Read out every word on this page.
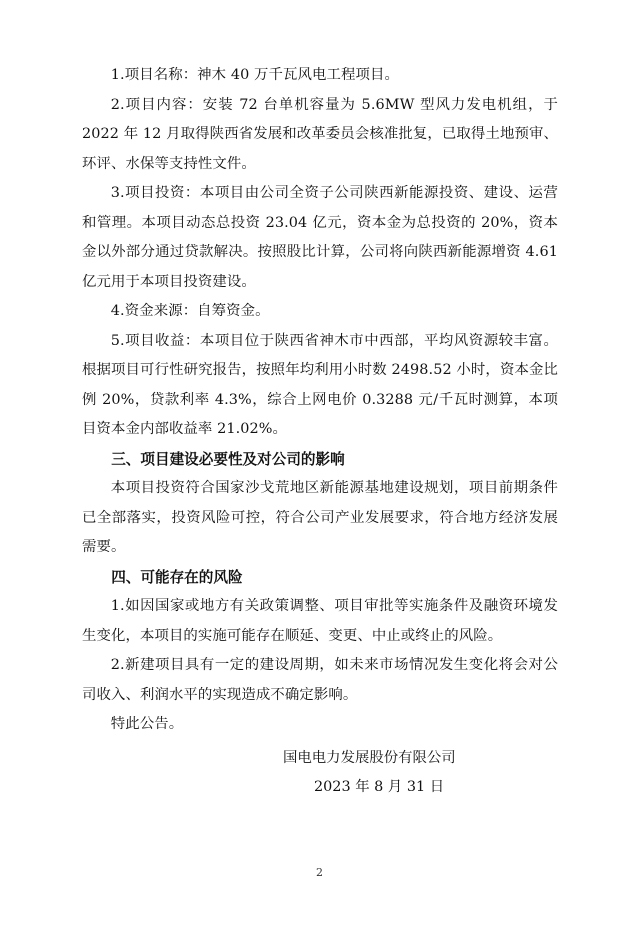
1.项目名称：神木 40 万千瓦风电工程项目。

2.项目内容：安装 72 台单机容量为 5.6MW 型风力发电机组，于 2022 年 12 月取得陕西省发展和改革委员会核准批复，已取得土地预审、环评、水保等支持性文件。

3.项目投资：本项目由公司全资子公司陕西新能源投资、建设、运营和管理。本项目动态总投资 23.04 亿元，资本金为总投资的 20%，资本金以外部分通过贷款解决。按照股比计算，公司将向陕西新能源增资 4.61 亿元用于本项目投资建设。

4.资金来源：自筹资金。

5.项目收益：本项目位于陕西省神木市中西部，平均风资源较丰富。根据项目可行性研究报告，按照年均利用小时数 2498.52 小时，资本金比例 20%，贷款利率 4.3%，综合上网电价 0.3288 元/千瓦时测算，本项目资本金内部收益率 21.02%。

三、项目建设必要性及对公司的影响

本项目投资符合国家沙戈荒地区新能源基地建设规划，项目前期条件已全部落实，投资风险可控，符合公司产业发展要求，符合地方经济发展需要。

四、可能存在的风险

1.如因国家或地方有关政策调整、项目审批等实施条件及融资环境发生变化，本项目的实施可能存在顺延、变更、中止或终止的风险。

2.新建项目具有一定的建设周期，如未来市场情况发生变化将会对公司收入、利润水平的实现造成不确定影响。

特此公告。

国电电力发展股份有限公司
2023 年 8 月 31 日
2
